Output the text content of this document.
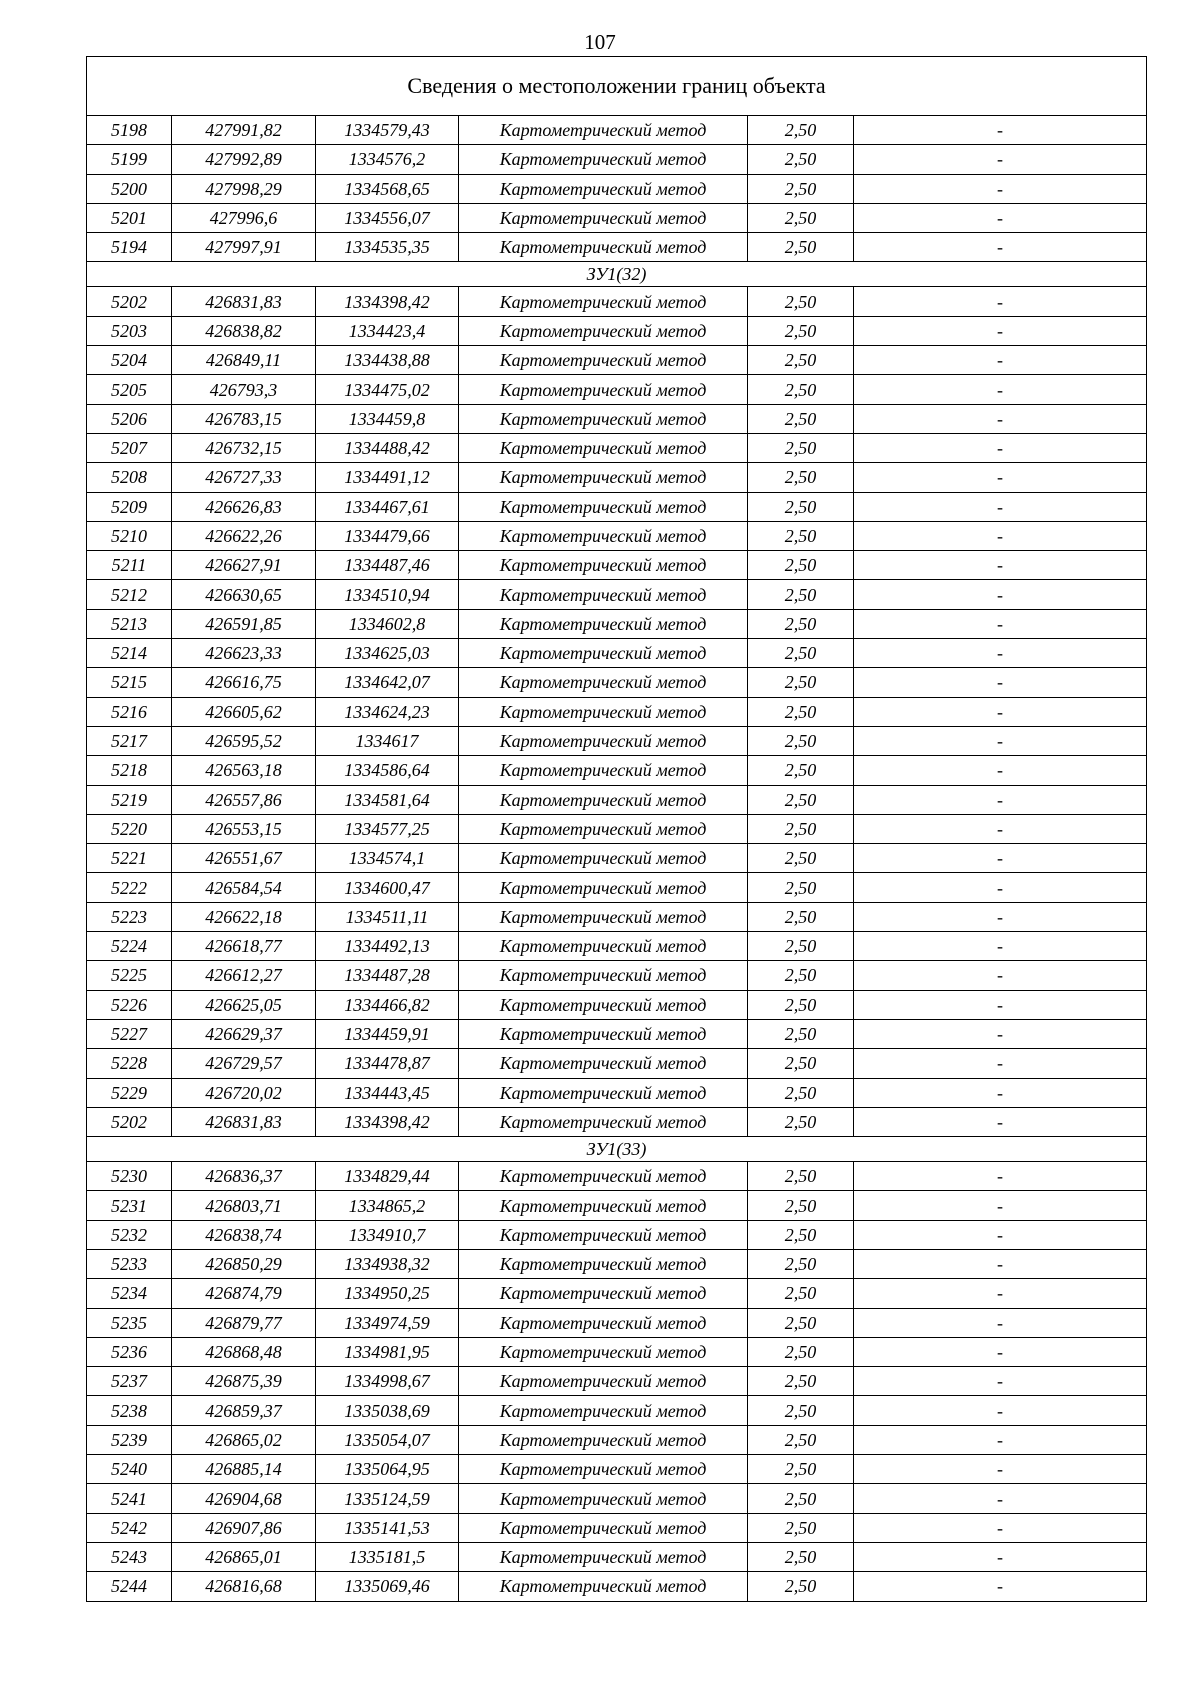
107
Сведения о местоположении границ объекта					
5198	427991,82	1334579,43	Картометрический метод	2,50	-
5199	427992,89	1334576,2	Картометрический метод	2,50	-
5200	427998,29	1334568,65	Картометрический метод	2,50	-
5201	427996,6	1334556,07	Картометрический метод	2,50	-
5194	427997,91	1334535,35	Картометрический метод	2,50	-
ЗУ1(32)					
5202	426831,83	1334398,42	Картометрический метод	2,50	-
5203	426838,82	1334423,4	Картометрический метод	2,50	-
5204	426849,11	1334438,88	Картометрический метод	2,50	-
5205	426793,3	1334475,02	Картометрический метод	2,50	-
5206	426783,15	1334459,8	Картометрический метод	2,50	-
5207	426732,15	1334488,42	Картометрический метод	2,50	-
5208	426727,33	1334491,12	Картометрический метод	2,50	-
5209	426626,83	1334467,61	Картометрический метод	2,50	-
5210	426622,26	1334479,66	Картометрический метод	2,50	-
5211	426627,91	1334487,46	Картометрический метод	2,50	-
5212	426630,65	1334510,94	Картометрический метод	2,50	-
5213	426591,85	1334602,8	Картометрический метод	2,50	-
5214	426623,33	1334625,03	Картометрический метод	2,50	-
5215	426616,75	1334642,07	Картометрический метод	2,50	-
5216	426605,62	1334624,23	Картометрический метод	2,50	-
5217	426595,52	1334617	Картометрический метод	2,50	-
5218	426563,18	1334586,64	Картометрический метод	2,50	-
5219	426557,86	1334581,64	Картометрический метод	2,50	-
5220	426553,15	1334577,25	Картометрический метод	2,50	-
5221	426551,67	1334574,1	Картометрический метод	2,50	-
5222	426584,54	1334600,47	Картометрический метод	2,50	-
5223	426622,18	1334511,11	Картометрический метод	2,50	-
5224	426618,77	1334492,13	Картометрический метод	2,50	-
5225	426612,27	1334487,28	Картометрический метод	2,50	-
5226	426625,05	1334466,82	Картометрический метод	2,50	-
5227	426629,37	1334459,91	Картометрический метод	2,50	-
5228	426729,57	1334478,87	Картометрический метод	2,50	-
5229	426720,02	1334443,45	Картометрический метод	2,50	-
5202	426831,83	1334398,42	Картометрический метод	2,50	-
ЗУ1(33)					
5230	426836,37	1334829,44	Картометрический метод	2,50	-
5231	426803,71	1334865,2	Картометрический метод	2,50	-
5232	426838,74	1334910,7	Картометрический метод	2,50	-
5233	426850,29	1334938,32	Картометрический метод	2,50	-
5234	426874,79	1334950,25	Картометрический метод	2,50	-
5235	426879,77	1334974,59	Картометрический метод	2,50	-
5236	426868,48	1334981,95	Картометрический метод	2,50	-
5237	426875,39	1334998,67	Картометрический метод	2,50	-
5238	426859,37	1335038,69	Картометрический метод	2,50	-
5239	426865,02	1335054,07	Картометрический метод	2,50	-
5240	426885,14	1335064,95	Картометрический метод	2,50	-
5241	426904,68	1335124,59	Картометрический метод	2,50	-
5242	426907,86	1335141,53	Картометрический метод	2,50	-
5243	426865,01	1335181,5	Картометрический метод	2,50	-
5244	426816,68	1335069,46	Картометрический метод	2,50	-
